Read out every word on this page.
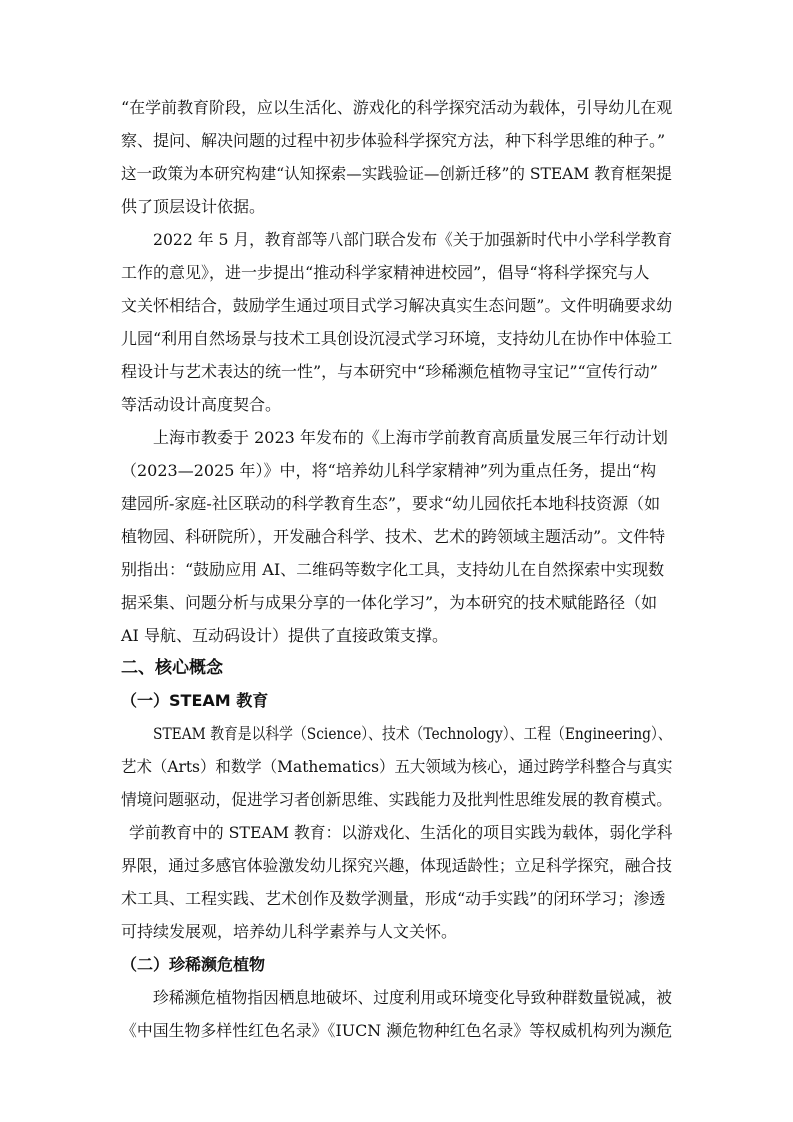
“在学前教育阶段，应以生活化、游戏化的科学探究活动为载体，引导幼儿在观
察、提问、解决问题的过程中初步体验科学探究方法，种下科学思维的种子。”
这一政策为本研究构建“认知探索—实践验证—创新迁移”的 STEAM 教育框架提
供了顶层设计依据。
2022 年 5 月，教育部等八部门联合发布《关于加强新时代中小学科学教育
工作的意见》，进一步提出“推动科学家精神进校园”，倡导“将科学探究与人
文关怀相结合，鼓励学生通过项目式学习解决真实生态问题”。文件明确要求幼
儿园“利用自然场景与技术工具创设沉浸式学习环境，支持幼儿在协作中体验工
程设计与艺术表达的统一性”，与本研究中“珍稀濒危植物寻宝记”“宣传行动”
等活动设计高度契合。
上海市教委于 2023 年发布的《上海市学前教育高质量发展三年行动计划
（2023—2025 年）》中，将“培养幼儿科学家精神”列为重点任务，提出“构
建园所-家庭-社区联动的科学教育生态”，要求“幼儿园依托本地科技资源（如
植物园、科研院所），开发融合科学、技术、艺术的跨领域主题活动”。文件特
别指出：“鼓励应用 AI、二维码等数字化工具，支持幼儿在自然探索中实现数
据采集、问题分析与成果分享的一体化学习”，为本研究的技术赋能路径（如
AI 导航、互动码设计）提供了直接政策支撑。
二、核心概念
（一）STEAM 教育
STEAM 教育是以科学（Science）、技术（Technology）、工程（Engineering）、
艺术（Arts）和数学（Mathematics）五大领域为核心，通过跨学科整合与真实
情境问题驱动，促进学习者创新思维、实践能力及批判性思维发展的教育模式。
学前教育中的 STEAM 教育：以游戏化、生活化的项目实践为载体，弱化学科
界限，通过多感官体验激发幼儿探究兴趣，体现适龄性；立足科学探究，融合技
术工具、工程实践、艺术创作及数学测量，形成“动手实践”的闭环学习；渗透
可持续发展观，培养幼儿科学素养与人文关怀。
（二）珍稀濒危植物
珍稀濒危植物指因栖息地破坏、过度利用或环境变化导致种群数量锐减，被
《中国生物多样性红色名录》《IUCN 濒危物种红色名录》等权威机构列为濒危
